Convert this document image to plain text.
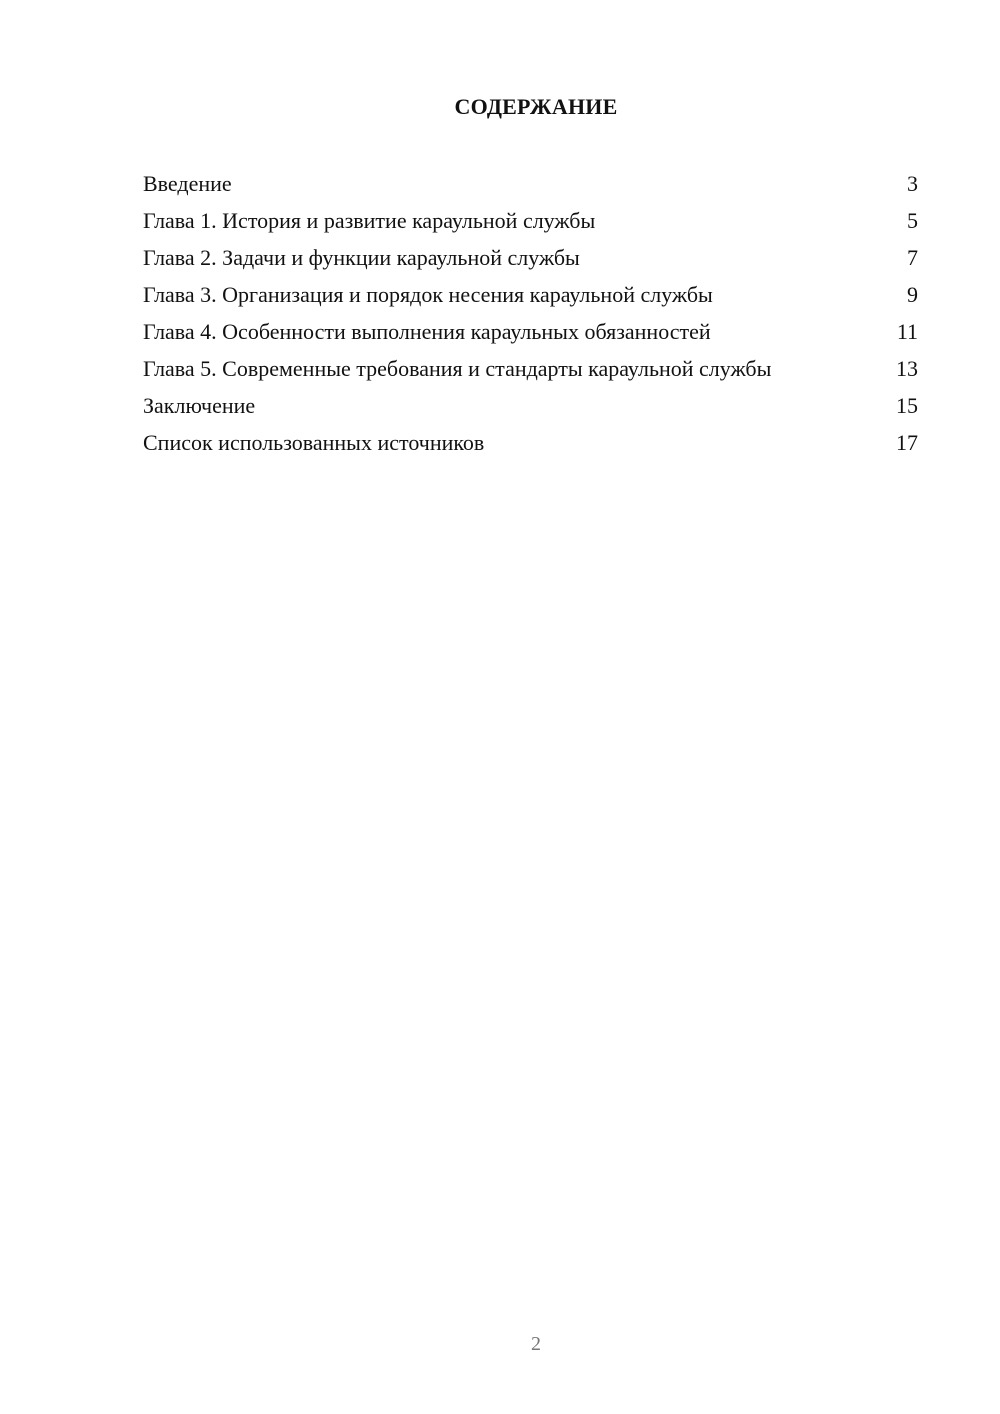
СОДЕРЖАНИЕ
Введение	3
Глава 1. История и развитие караульной службы	5
Глава 2. Задачи и функции караульной службы	7
Глава 3. Организация и порядок несения караульной службы	9
Глава 4. Особенности выполнения караульных обязанностей	11
Глава 5. Современные требования и стандарты караульной службы	13
Заключение	15
Список использованных источников	17
2
